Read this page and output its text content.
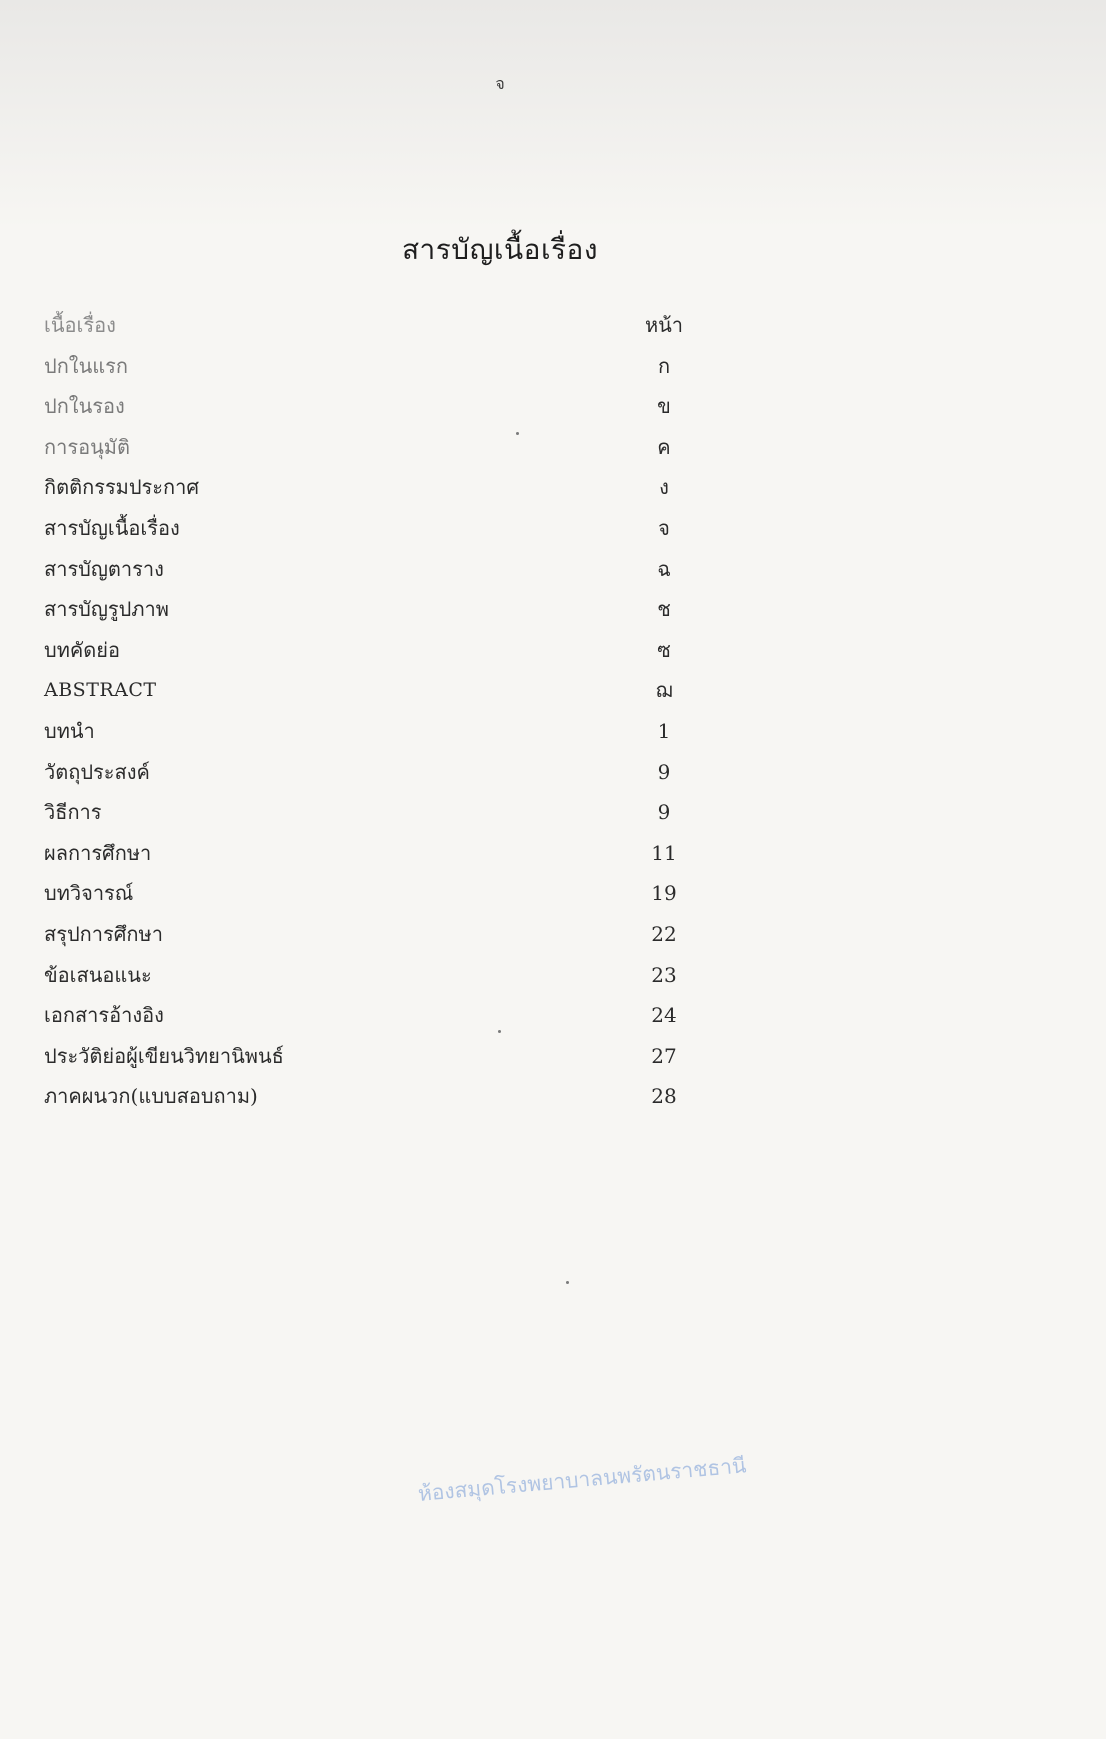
จ
สารบัญเนื้อเรื่อง
เนื้อเรื่อง	หน้า
ปกในแรก	ก
ปกในรอง	ข
การอนุมัติ	ค
กิตติกรรมประกาศ	ง
สารบัญเนื้อเรื่อง	จ
สารบัญตาราง	ฉ
สารบัญรูปภาพ	ช
บทคัดย่อ	ซ
ABSTRACT	ฌ
บทนำ	1
วัตถุประสงค์	9
วิธีการ	9
ผลการศึกษา	11
บทวิจารณ์	19
สรุปการศึกษา	22
ข้อเสนอแนะ	23
เอกสารอ้างอิง	24
ประวัติย่อผู้เขียนวิทยานิพนธ์	27
ภาคผนวก(แบบสอบถาม)	28
ห้องสมุดโรงพยาบาลนพรัตนราชธานี
